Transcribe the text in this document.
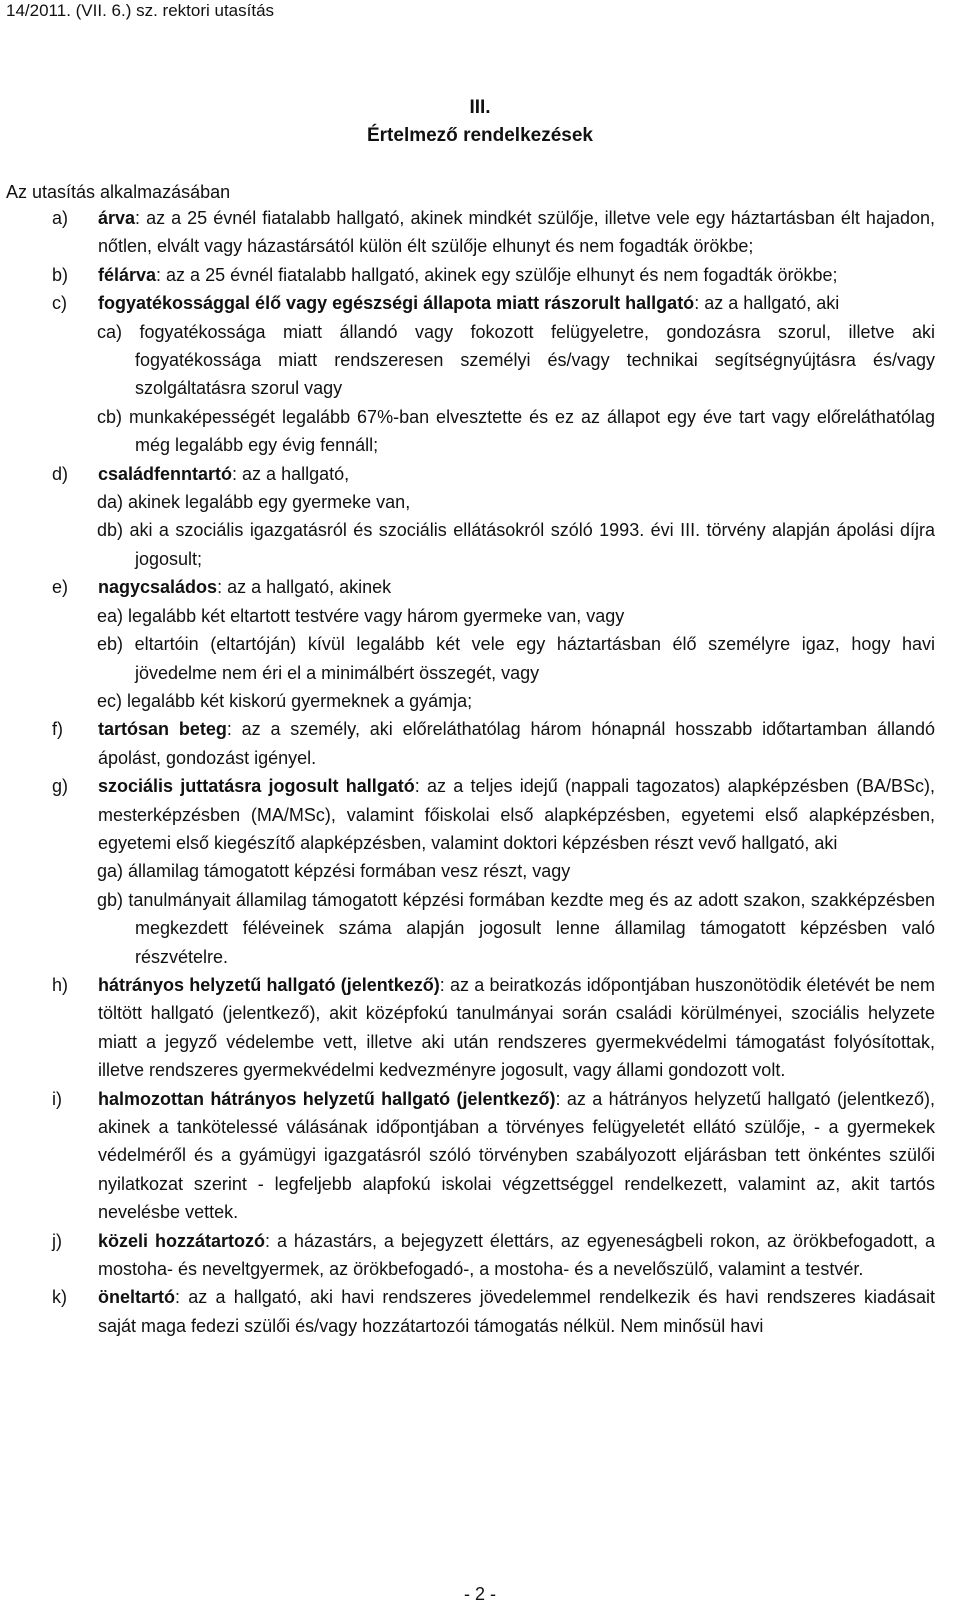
14/2011. (VII. 6.) sz. rektori utasítás
III.
Értelmező rendelkezések
Az utasítás alkalmazásában
a) árva: az a 25 évnél fiatalabb hallgató, akinek mindkét szülője, illetve vele egy háztartásban élt hajadon, nőtlen, elvált vagy házastársától külön élt szülője elhunyt és nem fogadták örökbe;
b) félárva: az a 25 évnél fiatalabb hallgató, akinek egy szülője elhunyt és nem fogadták örökbe;
c) fogyatékossággal élő vagy egészségi állapota miatt rászorult hallgató: az a hallgató, aki
ca) fogyatékossága miatt állandó vagy fokozott felügyeletre, gondozásra szorul, illetve aki fogyatékossága miatt rendszeresen személyi és/vagy technikai segítségnyújtásra és/vagy szolgáltatásra szorul vagy
cb) munkaképességét legalább 67%-ban elvesztette és ez az állapot egy éve tart vagy előreláthatólag még legalább egy évig fennáll;
d) családfenntartó: az a hallgató,
da) akinek legalább egy gyermeke van,
db) aki a szociális igazgatásról és szociális ellátásokról szóló 1993. évi III. törvény alapján ápolási díjra jogosult;
e) nagycsaládos: az a hallgató, akinek
ea) legalább két eltartott testvére vagy három gyermeke van, vagy
eb) eltartóin (eltartóján) kívül legalább két vele egy háztartásban élő személyre igaz, hogy havi jövedelme nem éri el a minimálbért összegét, vagy
ec) legalább két kiskorú gyermeknek a gyámja;
f) tartósan beteg: az a személy, aki előreláthatólag három hónapnál hosszabb időtartamban állandó ápolást, gondozást igényel.
g) szociális juttatásra jogosult hallgató: az a teljes idejű (nappali tagozatos) alapképzésben (BA/BSc), mesterképzésben (MA/MSc), valamint főiskolai első alapképzésben, egyetemi első alapképzésben, egyetemi első kiegészítő alapképzésben, valamint doktori képzésben részt vevő hallgató, aki
ga) államilag támogatott képzési formában vesz részt, vagy
gb) tanulmányait államilag támogatott képzési formában kezdte meg és az adott szakon, szakképzésben megkezdett féléveinek száma alapján jogosult lenne államilag támogatott képzésben való részvételre.
h) hátrányos helyzetű hallgató (jelentkező): az a beiratkozás időpontjában huszonötödik életévét be nem töltött hallgató (jelentkező), akit középfokú tanulmányai során családi körülményei, szociális helyzete miatt a jegyző védelembe vett, illetve aki után rendszeres gyermekvédelmi támogatást folyósítottak, illetve rendszeres gyermekvédelmi kedvezményre jogosult, vagy állami gondozott volt.
i) halmozottan hátrányos helyzetű hallgató (jelentkező): az a hátrányos helyzetű hallgató (jelentkező), akinek a tankötelessé válásának időpontjában a törvényes felügyeletét ellátó szülője, - a gyermekek védelméről és a gyámügyi igazgatásról szóló törvényben szabályozott eljárásban tett önkéntes szülői nyilatkozat szerint - legfeljebb alapfokú iskolai végzettséggel rendelkezett, valamint az, akit tartós nevelésbe vettek.
j) közeli hozzátartozó: a házastárs, a bejegyzett élettárs, az egyeneságbeli rokon, az örökbefogadott, a mostoha- és neveltgyermek, az örökbefogadó-, a mostoha- és a nevelőszülő, valamint a testvér.
k) öneltartó: az a hallgató, aki havi rendszeres jövedelemmel rendelkezik és havi rendszeres kiadásait saját maga fedezi szülői és/vagy hozzátartozói támogatás nélkül. Nem minősül havi
- 2 -
